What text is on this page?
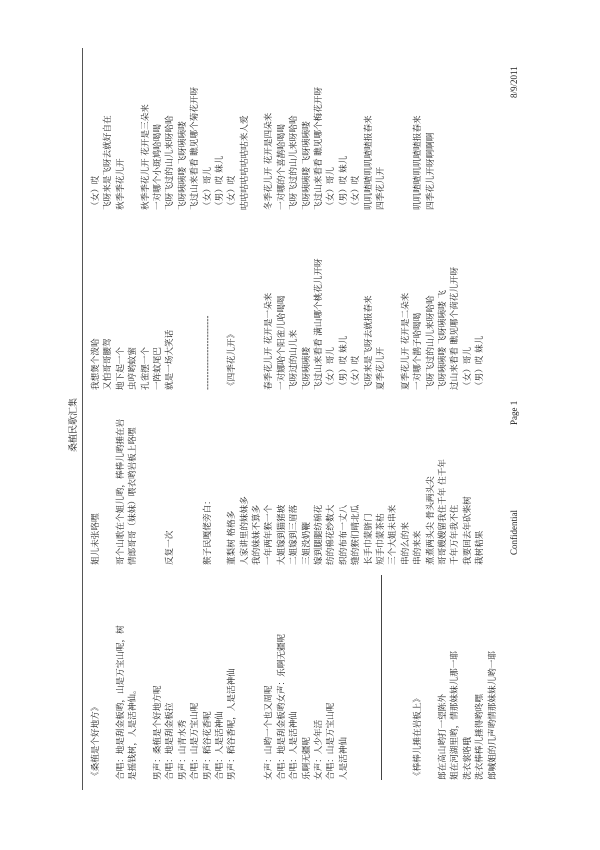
桑植民歌汇集
《桑植是个好地方》 合唱：地是刮金板哟，山是万宝山呢，树 是摇钱树，人是活神仙。 男声：桑植是个好地方呢 合唱：地是刮金板拉 男声：山青水秀 合唱：山是万宝山呢 男声：稻谷花香呢 合唱：人是活神仙 男声：稻谷香呢，人是活神仙	女声：山哟一个也又周呢 合唱：地是刮金板哟女声：乐啊无疆呢 合唱：人是活神仙 乐啊无疆呢 女声：人少年活 合唱：山是万宝山呢 人是活神仙	《棒棒儿捶在岩板上》 郎在高山哟打一望陈外 姐在河湖里哟，情那妹妹儿那一耶 洗衣裳咯哦 洗衣棒棒儿捶得哟咚嘿 郎喊姐的几声哟情那妹妹儿哟一耶
姐儿未张咯嘿 哥个山歌在个姐儿哟，棒棒儿哟捶在岩 情郎哥哥（妹妹）喂衣哟岩板上咯嘿	反复一次	猴子民嘎佬旁白： 董梨树 格格多 人家讲里的妹妹多 我的妹妹不算多 一年两年猴一个 大姐嫁到猫猪坡 二姐嫁到三眉落 三姐没奶鞭 嫁到腿腿纺棉花 纺的棉花纱数大 织的布布一丈八 缝的猴们晴北瓜 长手巾蒙脐门 短手巾蒙茶枯 三个大姐未串来 串的么的来 串的来来 煮煮两头尖 骨头两头尖 哥哥嫂嫂留我住千年 住千年 千年万年我不住 我要回去年砍柴树 栽树秸果
我想煲个泼哈 又怕哥哥腰驾 地下起一个 虫哼哟蚊蜜 孔雀摆一个 一阵蚊尾巴 就是一场大笑话	------------------------ 《四季花儿开》	春季花儿开 花开是一朵来 一对娜哈个阳雀儿哈喝喝 飞呀过的山儿来 飞呀咦咦喽 飞过山来看看 满山哪个桃花儿开呀 （女）哥儿 （男）哎 妹儿 （女）哎 飞呀来是飞呀去就报春来 夏季花儿开 夏季花儿开 花开是二朵来 一对哪个鹊子哈喝喝 飞呀飞过的山儿来呀哈哈 飞呀咦咦喽 飞呀咦咦喽 飞 过山来看看 瞧见哪个荷花儿开呀 （女）哥儿 （男）哎 妹儿
（女）哎 飞呀来是飞呀去就好自在 秋季季花儿开 秋季季花儿开 花开是三朵来 一对哪个小斑鸠哈喝喝 飞呀飞过的山儿来呀哈哈 飞呀咦咦喽 飞呀咦咦喽 飞过山来看看 瞧见哪个菊花开呀 （女）哥儿 （男）哎 妹儿 （女）哎 咕咕咕咕咕咕咕咕来人爱 冬季花儿开 花开是四朵来 一对哪的个喜鹊哈喝喝 飞呀飞过的山儿来呀哈哈 飞呀咦咦喽 飞呀咦咦喽 飞过山来看看 瞧见哪个梅花开呀 （女）哥儿 （男）哎 妹儿 （女）哎 叽叽喳喳叽叽喳喳报春来 四季花儿开	叽叽喳喳叽叽喳喳报春来 四季花儿开呀啊啊啊
Confidential
Page 1
8/9/2011
